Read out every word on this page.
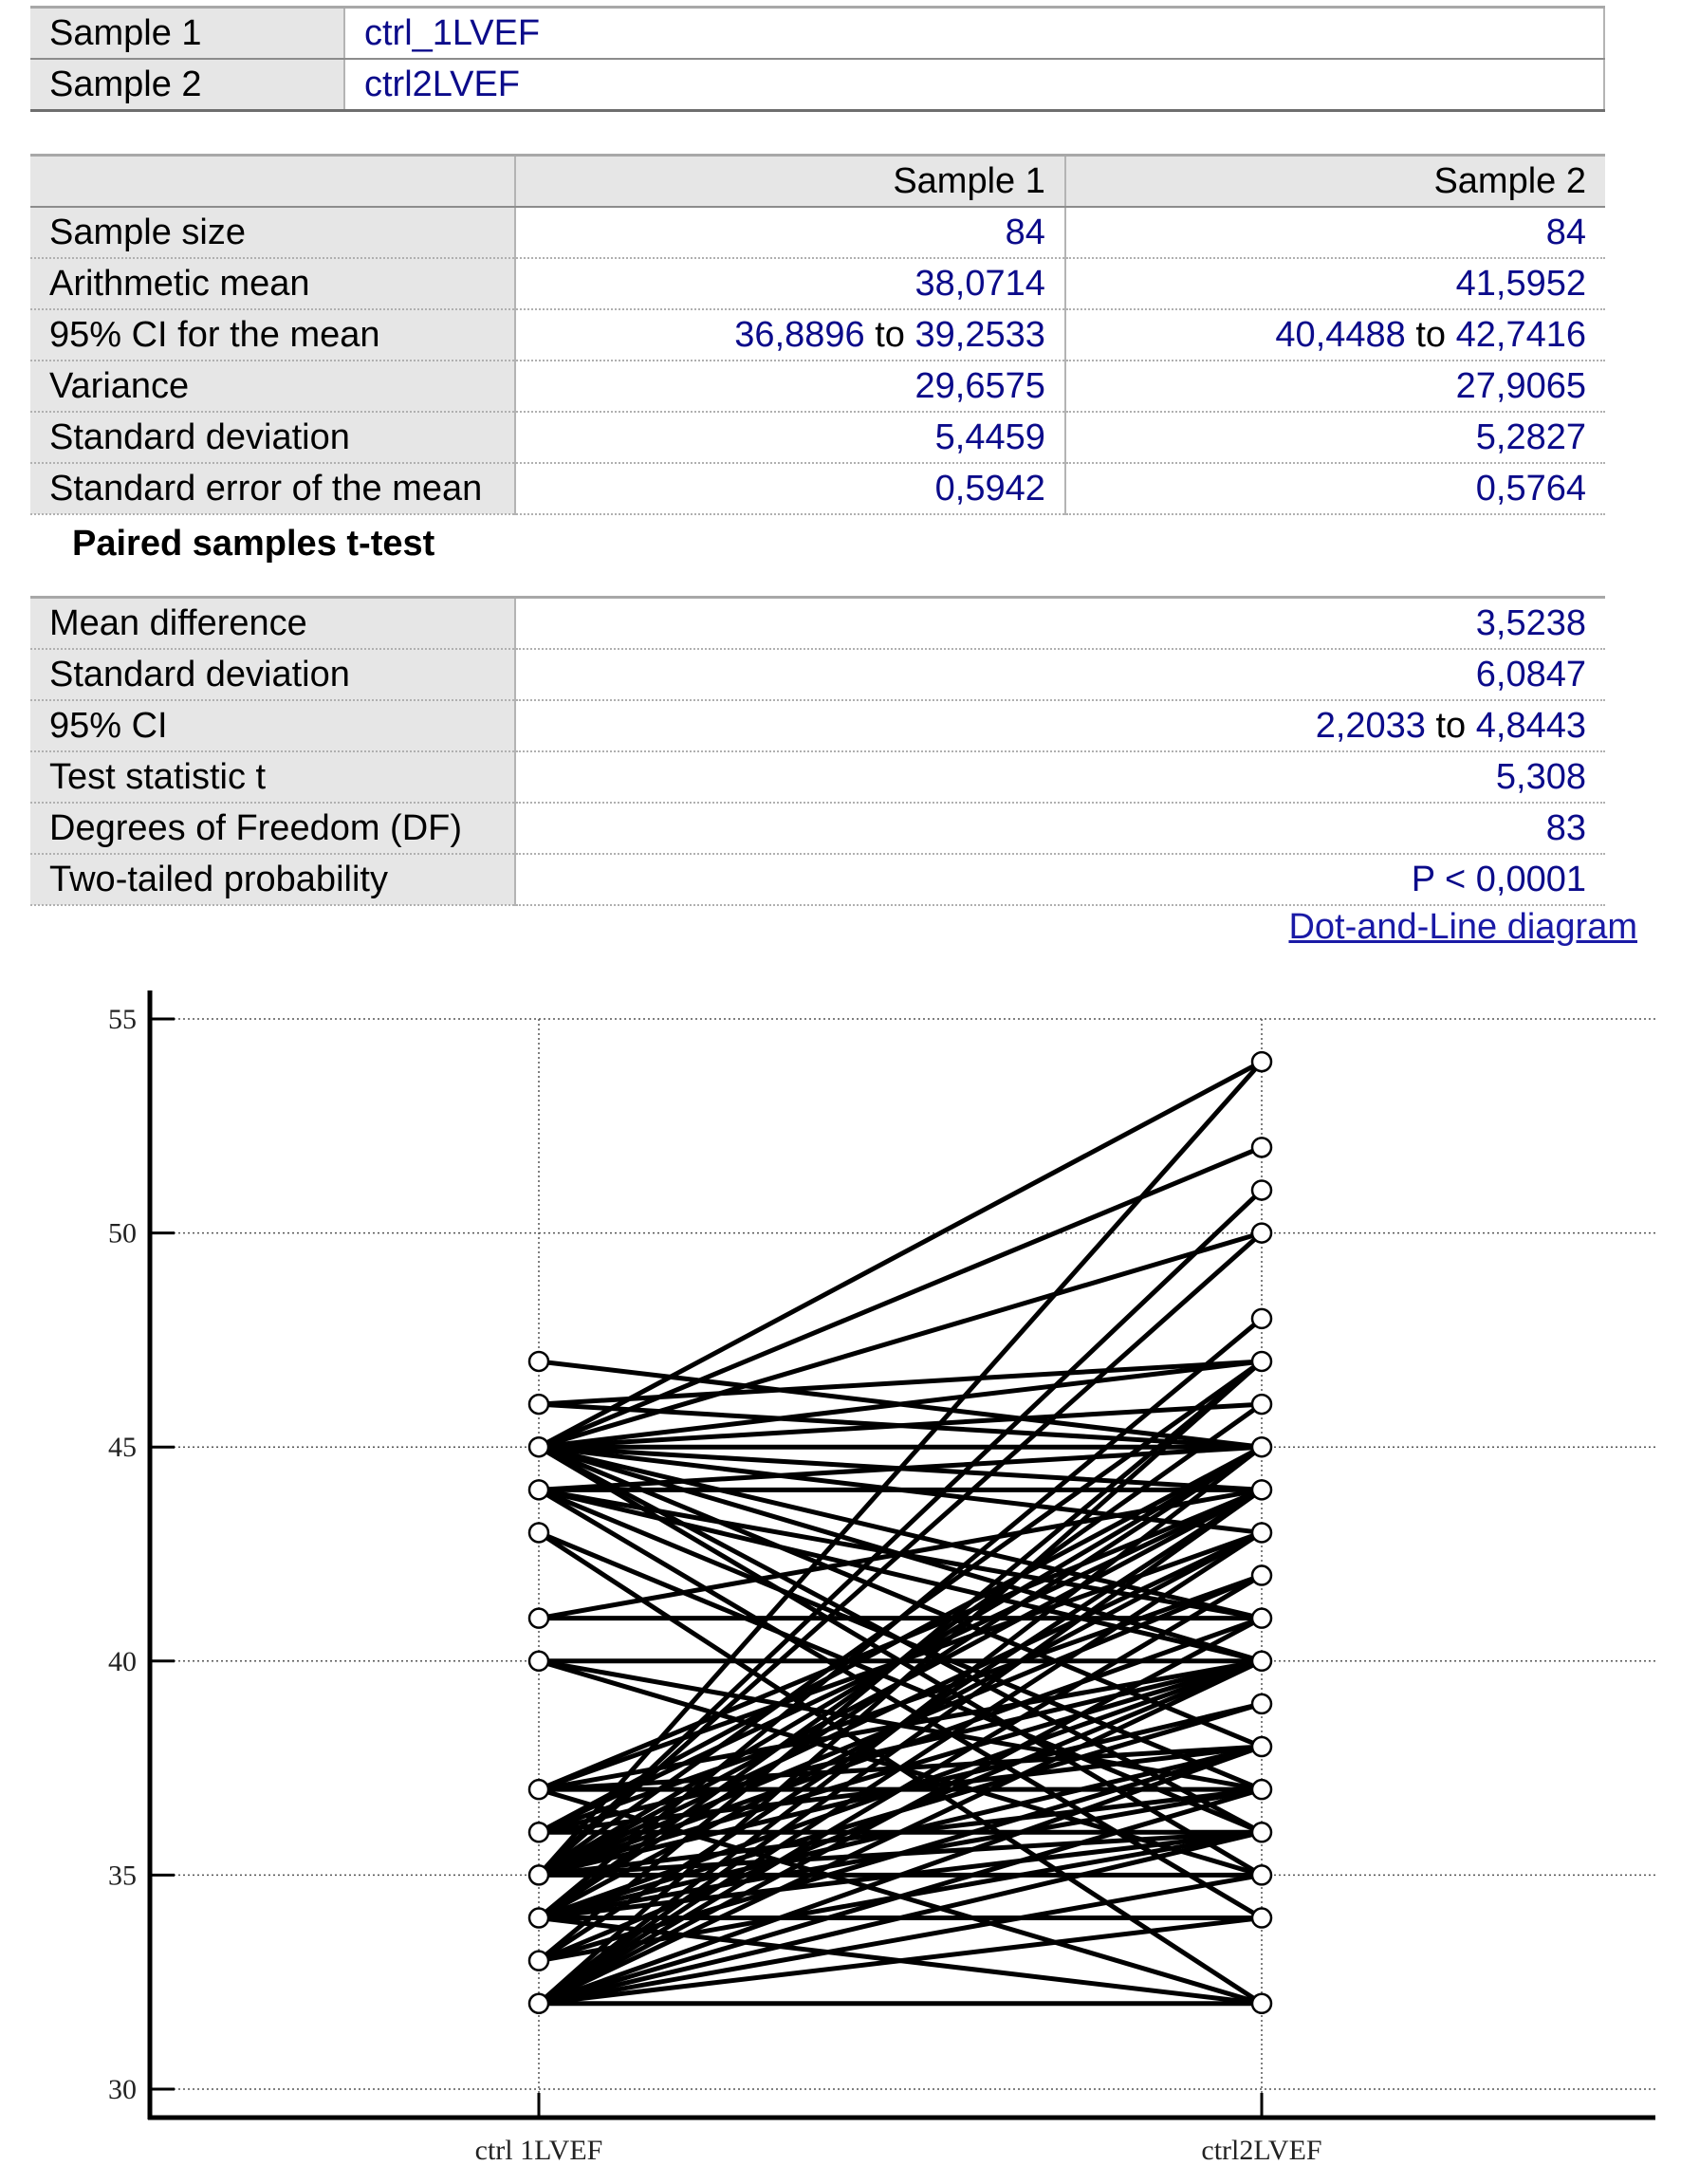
Sample 1	ctrl_1LVEF
Sample 2	ctrl2LVEF
	Sample 1	Sample 2
Sample size	84	84
Arithmetic mean	38,0714	41,5952
95% CI for the mean	36,8896 to 39,2533	40,4488 to 42,7416
Variance	29,6575	27,9065
Standard deviation	5,4459	5,2827
Standard error of the mean	0,5942	0,5764
Paired samples t-test
Mean difference	3,5238
Standard deviation	6,0847
95% CI	2,2033 to 4,8443
Test statistic t	5,308
Degrees of Freedom (DF)	83
Two-tailed probability	P < 0,0001
Dot-and-Line diagram
30
35
40
45
50
55
ctrl 1LVEF	ctrl2LVEF
